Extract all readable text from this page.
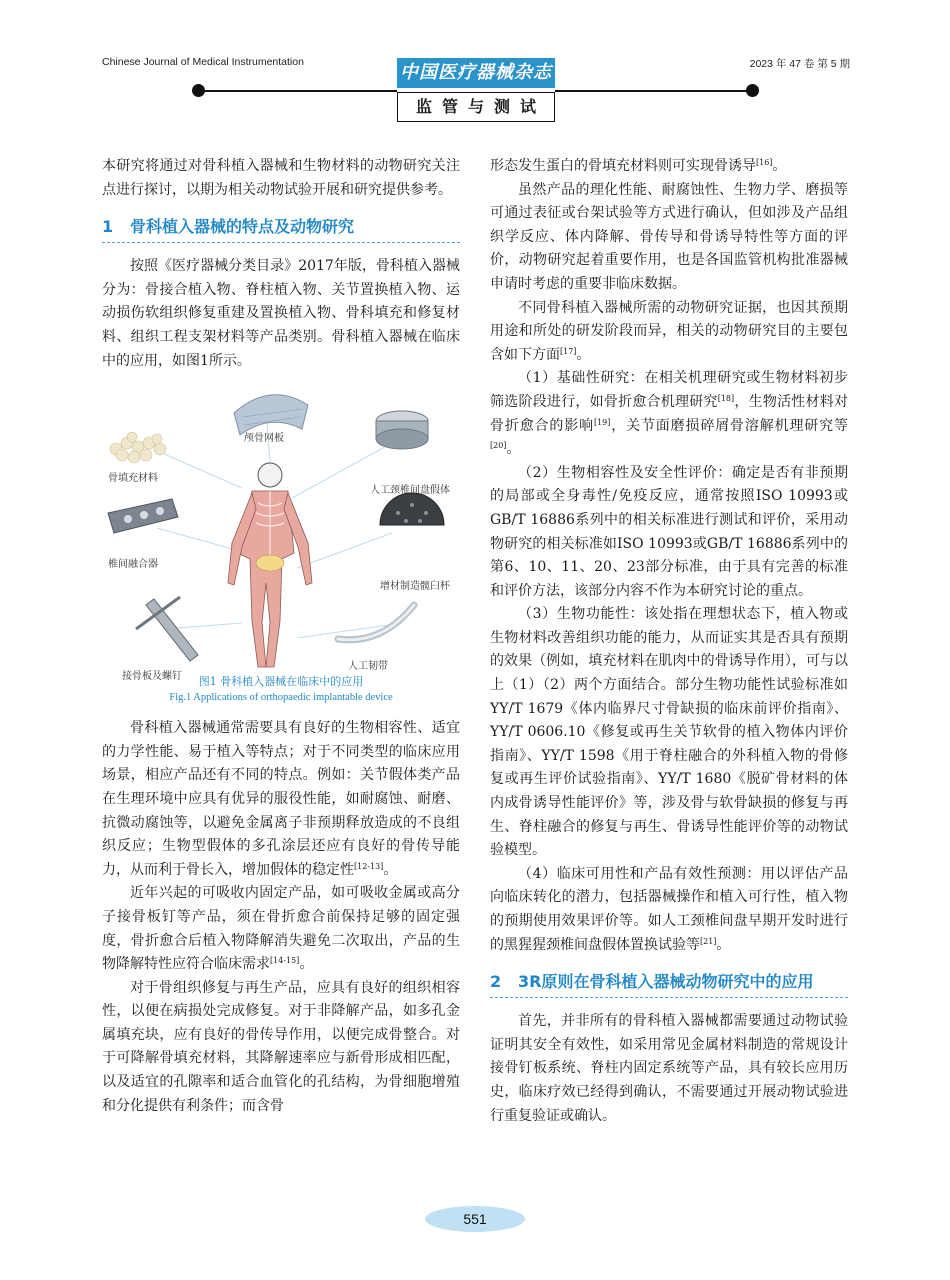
Chinese Journal of Medical Instrumentation	2023 年 47 卷 第 5 期
中国医疗器械杂志
监管与测试

本研究将通过对骨科植入器械和生物材料的动物研究关注点进行探讨，以期为相关动物试验开展和研究提供参考。

1 骨科植入器械的特点及动物研究

按照《医疗器械分类目录》2017年版，骨科植入器械分为：骨接合植入物、脊柱植入物、关节置换植入物、运动损伤软组织修复重建及置换植入物、骨科填充和修复材料、组织工程支架材料等产品类别。骨科植入器械在临床中的应用，如图1所示。

颅骨网板
骨填充材料
人工颈椎间盘假体
椎间融合器
增材制造髋臼杯
接骨板及螺钉
人工韧带
图1 骨科植入器械在临床中的应用
Fig.1 Applications of orthopaedic implantable device

骨科植入器械通常需要具有良好的生物相容性、适宜的力学性能、易于植入等特点；对于不同类型的临床应用场景，相应产品还有不同的特点。例如：关节假体类产品在生理环境中应具有优异的服役性能，如耐腐蚀、耐磨、抗微动腐蚀等，以避免金属离子非预期释放造成的不良组织反应；生物型假体的多孔涂层还应有良好的骨传导能力，从而利于骨长入，增加假体的稳定性[12-13]。

近年兴起的可吸收内固定产品，如可吸收金属或高分子接骨板钉等产品，须在骨折愈合前保持足够的固定强度，骨折愈合后植入物降解消失避免二次取出，产品的生物降解特性应符合临床需求[14-15]。

对于骨组织修复与再生产品，应具有良好的组织相容性，以便在病损处完成修复。对于非降解产品，如多孔金属填充块，应有良好的骨传导作用，以便完成骨整合。对于可降解骨填充材料，其降解速率应与新骨形成相匹配，以及适宜的孔隙率和适合血管化的孔结构，为骨细胞增殖和分化提供有利条件；而含骨

形态发生蛋白的骨填充材料则可实现骨诱导[16]。

虽然产品的理化性能、耐腐蚀性、生物力学、磨损等可通过表征或台架试验等方式进行确认，但如涉及产品组织学反应、体内降解、骨传导和骨诱导特性等方面的评价，动物研究起着重要作用，也是各国监管机构批准器械申请时考虑的重要非临床数据。

不同骨科植入器械所需的动物研究证据，也因其预期用途和所处的研发阶段而异，相关的动物研究目的主要包含如下方面[17]。

（1）基础性研究：在相关机理研究或生物材料初步筛选阶段进行，如骨折愈合机理研究[18]，生物活性材料对骨折愈合的影响[19]，关节面磨损碎屑骨溶解机理研究等[20]。

（2）生物相容性及安全性评价：确定是否有非预期的局部或全身毒性/免疫反应，通常按照ISO 10993或GB/T 16886系列中的相关标准进行测试和评价，采用动物研究的相关标准如ISO 10993或GB/T 16886系列中的第6、10、11、20、23部分标准，由于具有完善的标准和评价方法，该部分内容不作为本研究讨论的重点。

（3）生物功能性：该处指在理想状态下，植入物或生物材料改善组织功能的能力，从而证实其是否具有预期的效果（例如，填充材料在肌肉中的骨诱导作用），可与以上（1）（2）两个方面结合。部分生物功能性试验标准如YY/T 1679《体内临界尺寸骨缺损的临床前评价指南》、YY/T 0606.10《修复或再生关节软骨的植入物体内评价指南》、YY/T 1598《用于脊柱融合的外科植入物的骨修复或再生评价试验指南》、YY/T 1680《脱矿骨材料的体内成骨诱导性能评价》等，涉及骨与软骨缺损的修复与再生、脊柱融合的修复与再生、骨诱导性能评价等的动物试验模型。

（4）临床可用性和产品有效性预测：用以评估产品向临床转化的潜力，包括器械操作和植入可行性，植入物的预期使用效果评价等。如人工颈椎间盘早期开发时进行的黑猩猩颈椎间盘假体置换试验等[21]。

2 3R原则在骨科植入器械动物研究中的应用

首先，并非所有的骨科植入器械都需要通过动物试验证明其安全有效性，如采用常见金属材料制造的常规设计接骨钉板系统、脊柱内固定系统等产品，具有较长应用历史，临床疗效已经得到确认，不需要通过开展动物试验进行重复验证或确认。

551
